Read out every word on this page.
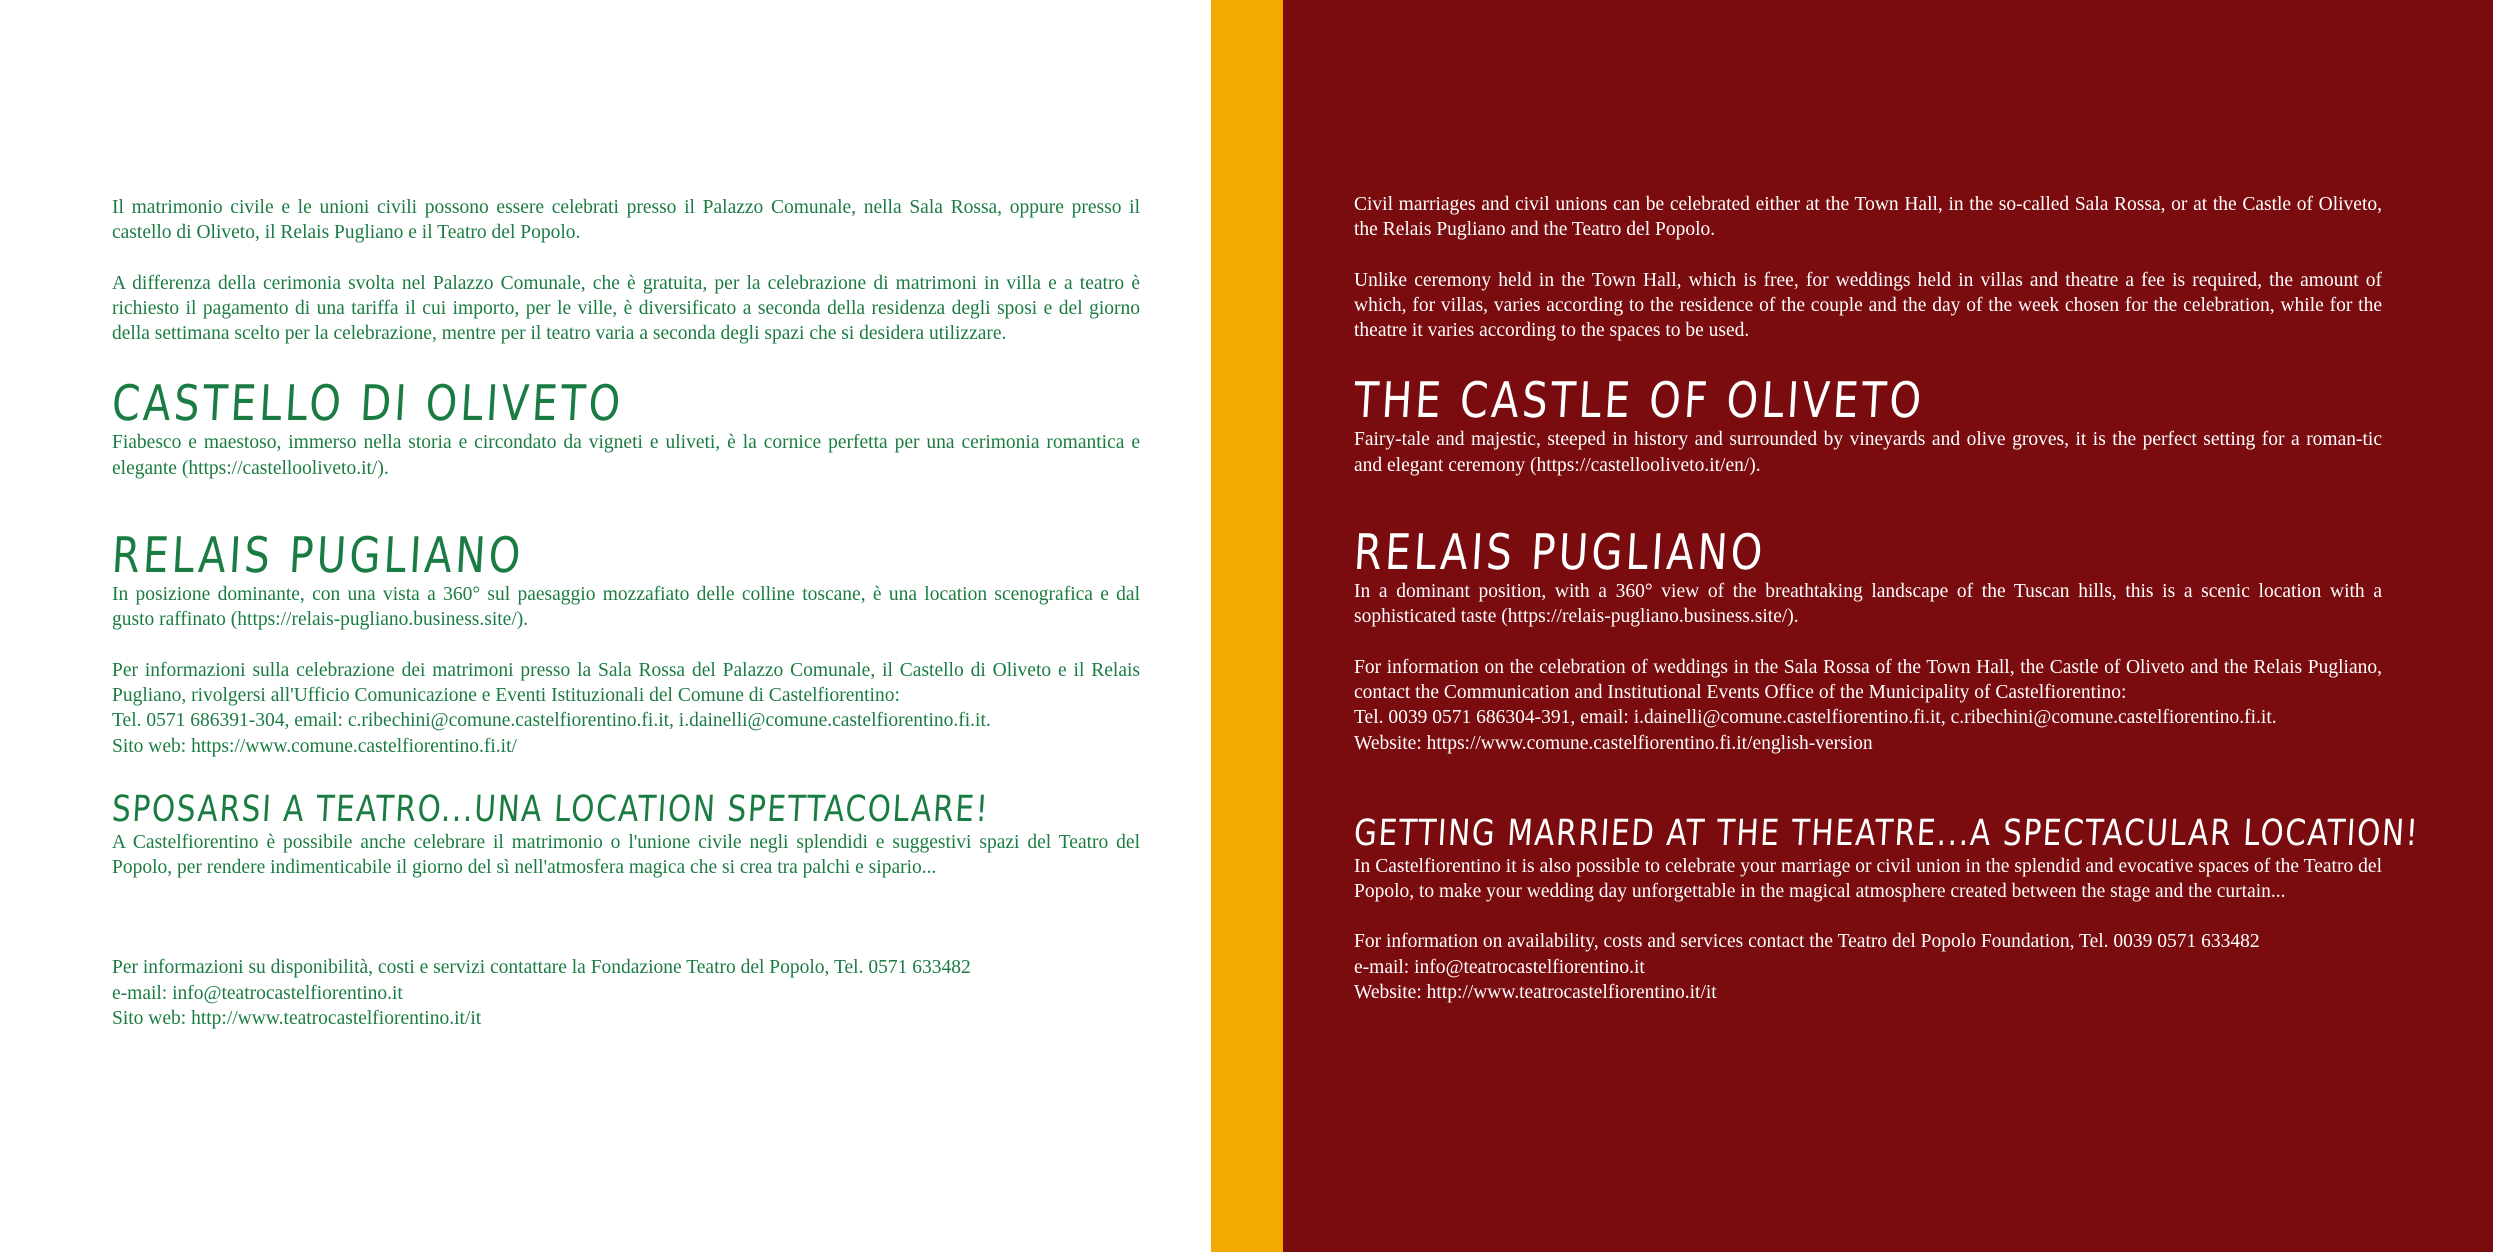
Il matrimonio civile e le unioni civili possono essere celebrati presso il Palazzo Comunale, nella Sala Rossa, oppure presso il castello di Oliveto, il Relais Pugliano e il Teatro del Popolo.

A differenza della cerimonia svolta nel Palazzo Comunale, che è gratuita, per la celebrazione di matrimoni in villa e a teatro è richiesto il pagamento di una tariffa il cui importo, per le ville, è diversificato a seconda della residenza degli sposi e del giorno della settimana scelto per la celebrazione, mentre per il teatro varia a seconda degli spazi che si desidera utilizzare.

CASTELLO DI OLIVETO

Fiabesco e maestoso, immerso nella storia e circondato da vigneti e uliveti, è la cornice perfetta per una cerimonia romantica e elegante (https://castellooliveto.it/).

RELAIS PUGLIANO

In posizione dominante, con una vista a 360° sul paesaggio mozzafiato delle colline toscane, è una location scenografica e dal gusto raffinato (https://relais-pugliano.business.site/).

Per informazioni sulla celebrazione dei matrimoni presso la Sala Rossa del Palazzo Comunale, il Castello di Oliveto e il Relais Pugliano, rivolgersi all'Ufficio Comunicazione e Eventi Istituzionali del Comune di Castelfiorentino:

Tel. 0571 686391-304, email: c.ribechini@comune.castelfiorentino.fi.it, i.dainelli@comune.castelfiorentino.fi.it.

Sito web: https://www.comune.castelfiorentino.fi.it/

SPOSARSI A TEATRO...UNA LOCATION SPETTACOLARE!

A Castelfiorentino è possibile anche celebrare il matrimonio o l'unione civile negli splendidi e suggestivi spazi del Teatro del Popolo, per rendere indimenticabile il giorno del sì nell'atmosfera magica che si crea tra palchi e sipario...

Per informazioni su disponibilità, costi e servizi contattare la Fondazione Teatro del Popolo, Tel. 0571 633482

e-mail: info@teatrocastelfiorentino.it

Sito web: http://www.teatrocastelfiorentino.it/it

Civil marriages and civil unions can be celebrated either at the Town Hall, in the so-called Sala Rossa, or at the Castle of Oliveto, the Relais Pugliano and the Teatro del Popolo.

Unlike ceremony held in the Town Hall, which is free, for weddings held in villas and theatre a fee is required, the amount of which, for villas, varies according to the residence of the couple and the day of the week chosen for the celebration, while for the theatre it varies according to the spaces to be used.

THE CASTLE OF OLIVETO

Fairy-tale and majestic, steeped in history and surrounded by vineyards and olive groves, it is the perfect setting for a roman-tic and elegant ceremony (https://castellooliveto.it/en/).

RELAIS PUGLIANO

In a dominant position, with a 360° view of the breathtaking landscape of the Tuscan hills, this is a scenic location with a sophisticated taste (https://relais-pugliano.business.site/).

For information on the celebration of weddings in the Sala Rossa of the Town Hall, the Castle of Oliveto and the Relais Pugliano, contact the Communication and Institutional Events Office of the Municipality of Castelfiorentino:

Tel. 0039 0571 686304-391, email: i.dainelli@comune.castelfiorentino.fi.it, c.ribechini@comune.castelfiorentino.fi.it.

Website: https://www.comune.castelfiorentino.fi.it/english-version

GETTING MARRIED AT THE THEATRE...A SPECTACULAR LOCATION!

In Castelfiorentino it is also possible to celebrate your marriage or civil union in the splendid and evocative spaces of the Teatro del Popolo, to make your wedding day unforgettable in the magical atmosphere created between the stage and the curtain...

For information on availability, costs and services contact the Teatro del Popolo Foundation, Tel. 0039 0571 633482

e-mail: info@teatrocastelfiorentino.it

Website: http://www.teatrocastelfiorentino.it/it
